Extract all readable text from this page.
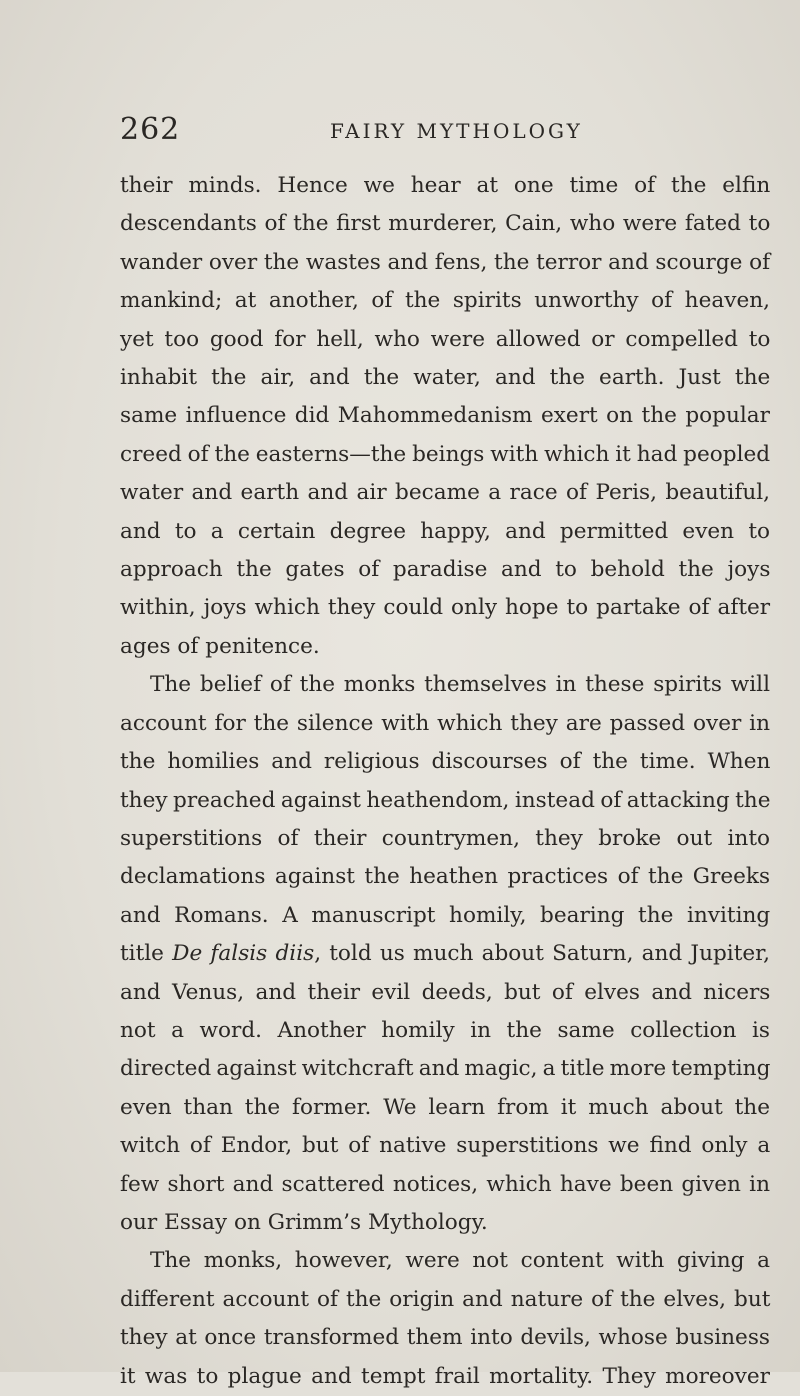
262	FAIRY MYTHOLOGY

their minds. Hence we hear at one time of the elfin
descendants of the first murderer, Cain, who were fated to
wander over the wastes and fens, the terror and scourge of
mankind; at another, of the spirits unworthy of heaven,
yet too good for hell, who were allowed or compelled to
inhabit the air, and the water, and the earth. Just the
same influence did Mahommedanism exert on the popular
creed of the easterns—the beings with which it had peopled
water and earth and air became a race of Peris, beautiful,
and to a certain degree happy, and permitted even to
approach the gates of paradise and to behold the joys
within, joys which they could only hope to partake of after
ages of penitence.

The belief of the monks themselves in these spirits will
account for the silence with which they are passed over in
the homilies and religious discourses of the time. When
they preached against heathendom, instead of attacking the
superstitions of their countrymen, they broke out into
declamations against the heathen practices of the Greeks
and Romans. A manuscript homily, bearing the inviting
title De falsis diis, told us much about Saturn, and Jupiter,
and Venus, and their evil deeds, but of elves and nicers
not a word. Another homily in the same collection is
directed against witchcraft and magic, a title more tempting
even than the former. We learn from it much about the
witch of Endor, but of native superstitions we find only a
few short and scattered notices, which have been given in
our Essay on Grimm’s Mythology.

The monks, however, were not content with giving a
different account of the origin and nature of the elves, but
they at once transformed them into devils, whose business
it was to plague and tempt frail mortality. They moreover
